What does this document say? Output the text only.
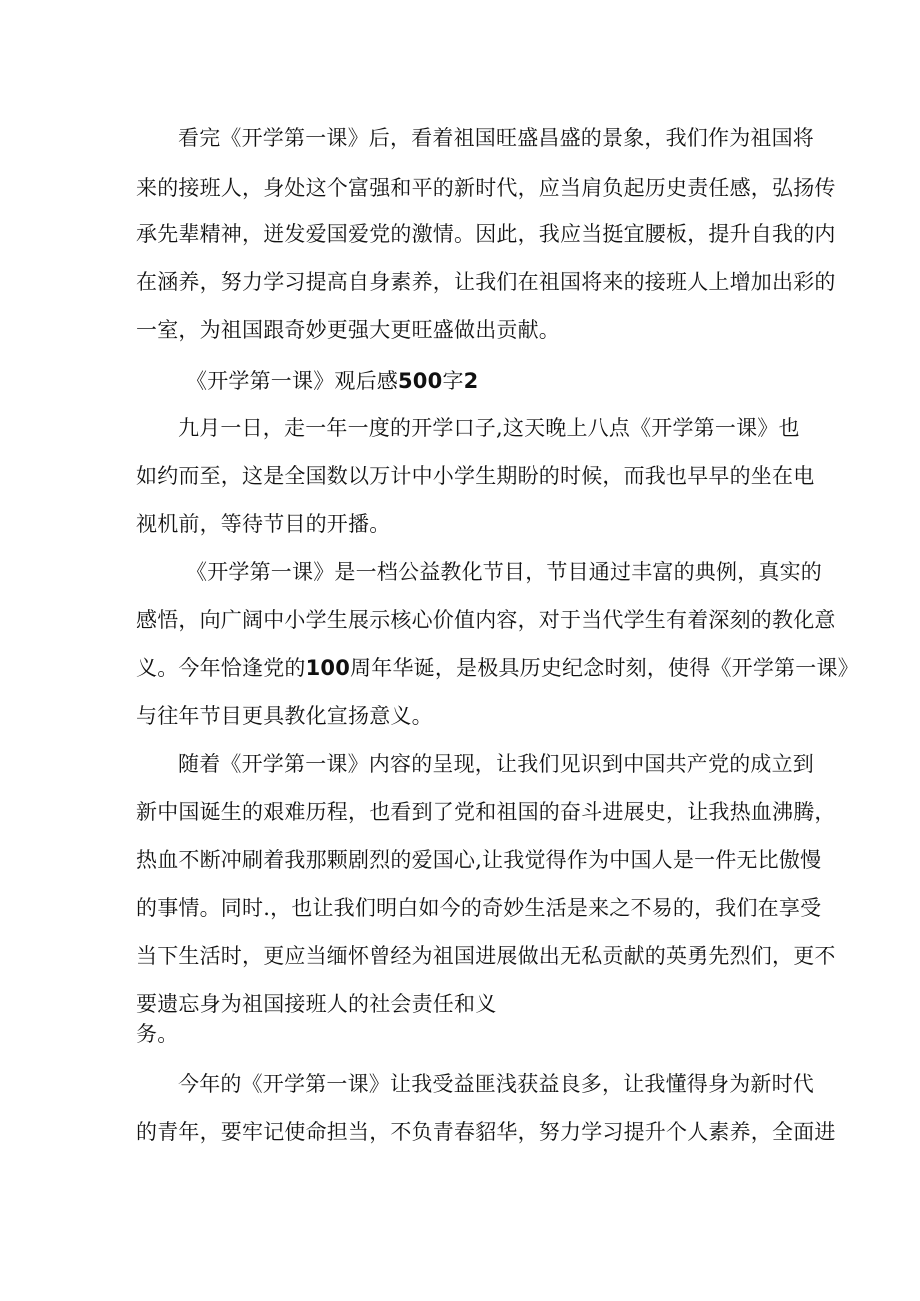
看完《开学第一课》后，看着祖国旺盛昌盛的景象，我们作为祖国将
来的接班人，身处这个富强和平的新时代，应当肩负起历史责任感，弘扬传
承先辈精神，迸发爱国爱党的激情。因此，我应当挺宜腰板，提升自我的内
在涵养，努力学习提高自身素养，让我们在祖国将来的接班人上增加出彩的
一室，为祖国跟奇妙更强大更旺盛做出贡献。
《开学第一课》观后感500字2
九月一日，走一年一度的开学口子,这天晚上八点《开学第一课》也
如约而至，这是全国数以万计中小学生期盼的时候，而我也早早的坐在电
视机前，等待节目的开播。
《开学第一课》是一档公益教化节目，节目通过丰富的典例，真实的
感悟，向广阔中小学生展示核心价值内容，对于当代学生有着深刻的教化意
义。今年恰逢党的100周年华诞，是极具历史纪念时刻，使得《开学第一课》
与往年节目更具教化宣扬意义。
随着《开学第一课》内容的呈现，让我们见识到中国共产党的成立到
新中国诞生的艰难历程，也看到了党和祖国的奋斗进展史，让我热血沸腾，
热血不断冲刷着我那颗剧烈的爱国心,让我觉得作为中国人是一件无比傲慢
的事情。同时.，也让我们明白如今的奇妙生活是来之不易的，我们在享受
当下生活时，更应当缅怀曾经为祖国进展做出无私贡献的英勇先烈们，更不
要遗忘身为祖国接班人的社会责任和义
务。
今年的《开学第一课》让我受益匪浅获益良多，让我懂得身为新时代
的青年，要牢记使命担当，不负青春貂华，努力学习提升个人素养，全面进
